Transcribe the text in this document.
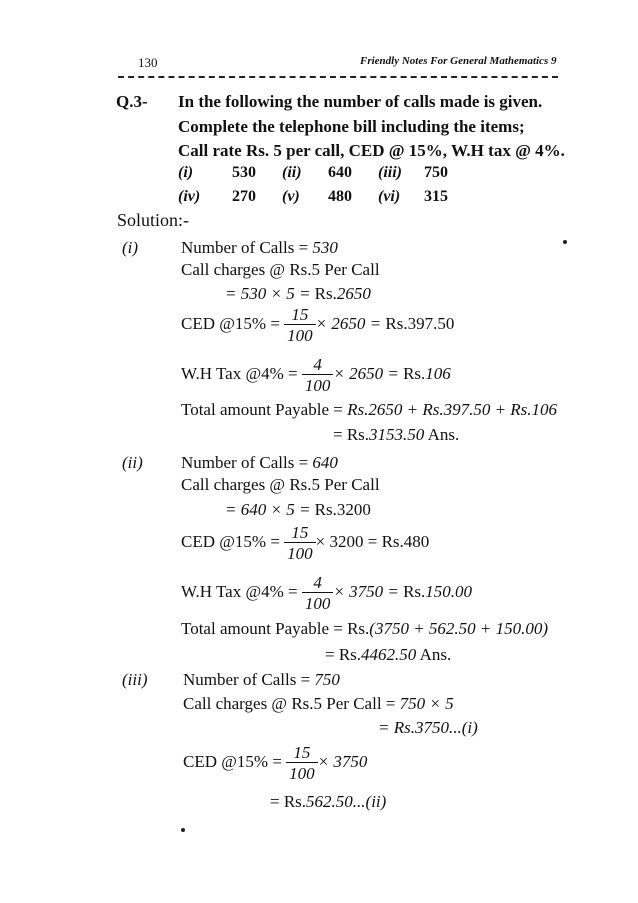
130	Friendly Notes For General Mathematics 9
Q.3- In the following the number of calls made is given.
Complete the telephone bill including the items;
Call rate Rs. 5 per call, CED @ 15%, W.H tax @ 4%.
(i) 530 (ii) 640 (iii) 750
(iv) 270 (v) 480 (vi) 315
Solution:-
(i)	Number of Calls = 530
Call charges @ Rs.5 Per Call
= 530 × 5 = Rs.2650
CED @15% = $\frac{15}{100} \times 2650 = Rs.397.50$
W.H Tax @4% = $\frac{4}{100} \times 2650 = Rs.106$
Total amount Payable = Rs.2650 + Rs.397.50 + Rs.106
= Rs.3153.50 Ans.
(ii) Number of Calls = 640
Call charges @ Rs.5 Per Call
= 640 × 5 = Rs.3200
CED @15% = $\frac{15}{100} \times 3200 = Rs.480$
W.H Tax @4% = $\frac{4}{100} \times 3750 = Rs.150.00$
Total amount Payable = Rs.(3750 + 562.50 + 150.00)
= Rs.4462.50 Ans.
(iii) Number of Calls = 750
Call charges @ Rs.5 Per Call = 750 × 5
= Rs.3750...(i)
CED @15% = $\frac{15}{100} \times 3750$
= Rs.562.50...(ii)
